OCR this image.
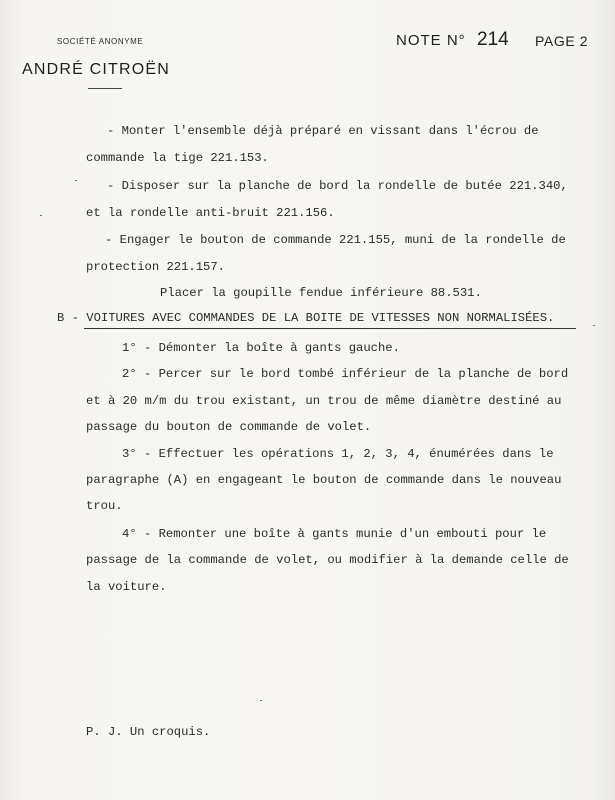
SOCIÉTÉ ANONYME
ANDRÉ CITROËN
NOTE N° 214 PAGE 2
- Monter l'ensemble déjà préparé en vissant dans l'écrou de
commande la tige 221.153.
- Disposer sur la planche de bord la rondelle de butée 221.340,
et la rondelle anti-bruit 221.156.
- Engager le bouton de commande 221.155, muni de la rondelle de
protection 221.157.
Placer la goupille fendue inférieure 88.531.
B - VOITURES AVEC COMMANDES DE LA BOITE DE VITESSES NON NORMALISÉES.
1° - Démonter la boîte à gants gauche.
2° - Percer sur le bord tombé inférieur de la planche de bord
et à 20 m/m du trou existant, un trou de même diamètre destiné au
passage du bouton de commande de volet.
3° - Effectuer les opérations 1, 2, 3, 4, énumérées dans le
paragraphe (A) en engageant le bouton de commande dans le nouveau
trou.
4° - Remonter une boîte à gants munie d'un embouti pour le
passage de la commande de volet, ou modifier à la demande celle de
la voiture.
P. J. Un croquis.
